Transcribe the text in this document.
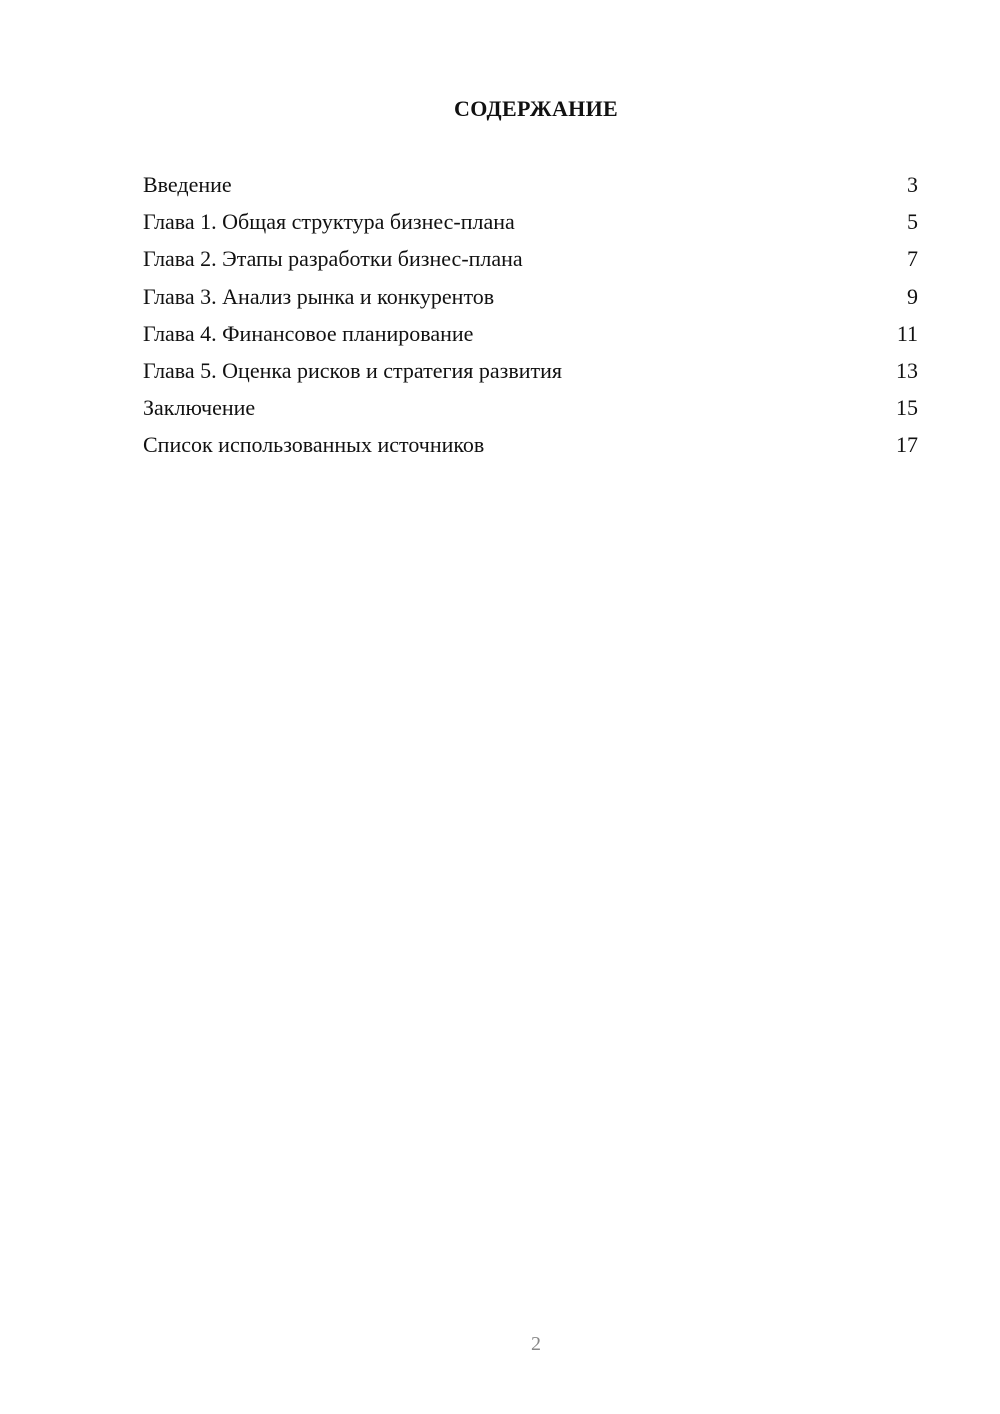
СОДЕРЖАНИЕ
Введение	3
Глава 1. Общая структура бизнес-плана	5
Глава 2. Этапы разработки бизнес-плана	7
Глава 3. Анализ рынка и конкурентов	9
Глава 4. Финансовое планирование	11
Глава 5. Оценка рисков и стратегия развития	13
Заключение	15
Список использованных источников	17
2
